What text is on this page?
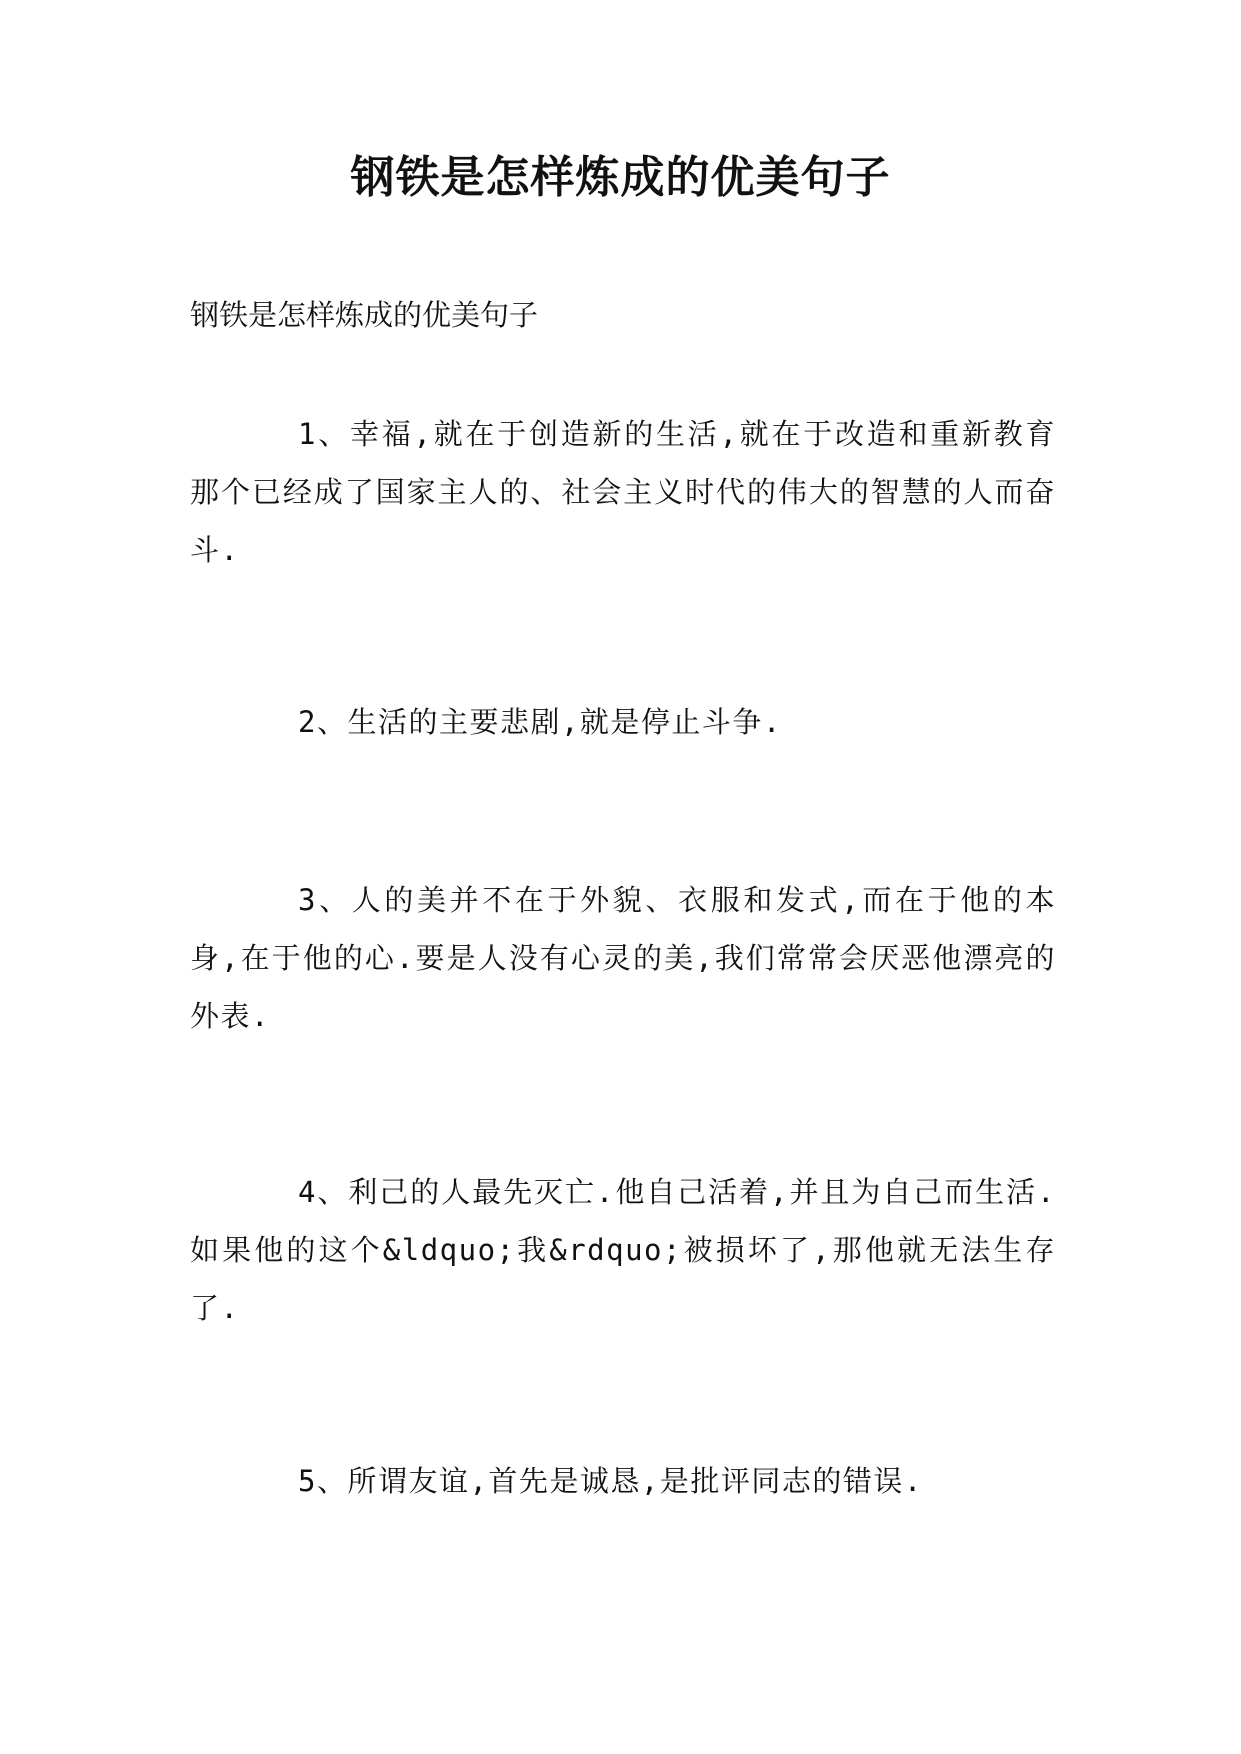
钢铁是怎样炼成的优美句子

钢铁是怎样炼成的优美句子

1、幸福,就在于创造新的生活,就在于改造和重新教育那个已经成了国家主人的、社会主义时代的伟大的智慧的人而奋斗.

2、生活的主要悲剧,就是停止斗争.

3、人的美并不在于外貌、衣服和发式,而在于他的本身,在于他的心.要是人没有心灵的美,我们常常会厌恶他漂亮的外表.

4、利己的人最先灭亡.他自己活着,并且为自己而生活.如果他的这个&ldquo;我&rdquo;被损坏了,那他就无法生存了.

5、所谓友谊,首先是诚恳,是批评同志的错误.
